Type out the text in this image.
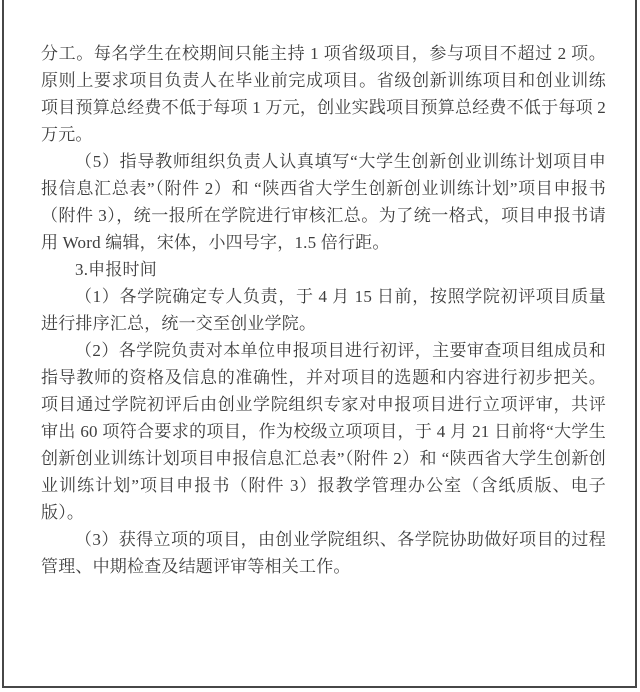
分工。每名学生在校期间只能主持 1 项省级项目，参与项目不超过 2 项。原则上要求项目负责人在毕业前完成项目。省级创新训练项目和创业训练项目预算总经费不低于每项 1 万元，创业实践项目预算总经费不低于每项 2 万元。

（5）指导教师组织负责人认真填写“大学生创新创业训练计划项目申报信息汇总表”（附件 2）和 “陕西省大学生创新创业训练计划”项目申报书（附件 3），统一报所在学院进行审核汇总。为了统一格式，项目申报书请用 Word 编辑，宋体，小四号字，1.5 倍行距。

3.申报时间

（1）各学院确定专人负责，于 4 月 15 日前，按照学院初评项目质量进行排序汇总，统一交至创业学院。

（2）各学院负责对本单位申报项目进行初评，主要审查项目组成员和指导教师的资格及信息的准确性，并对项目的选题和内容进行初步把关。项目通过学院初评后由创业学院组织专家对申报项目进行立项评审，共评审出 60 项符合要求的项目，作为校级立项项目，于 4 月 21 日前将“大学生创新创业训练计划项目申报信息汇总表”（附件 2）和 “陕西省大学生创新创业训练计划”项目申报书（附件 3）报教学管理办公室（含纸质版、电子版）。

（3）获得立项的项目，由创业学院组织、各学院协助做好项目的过程管理、中期检查及结题评审等相关工作。
